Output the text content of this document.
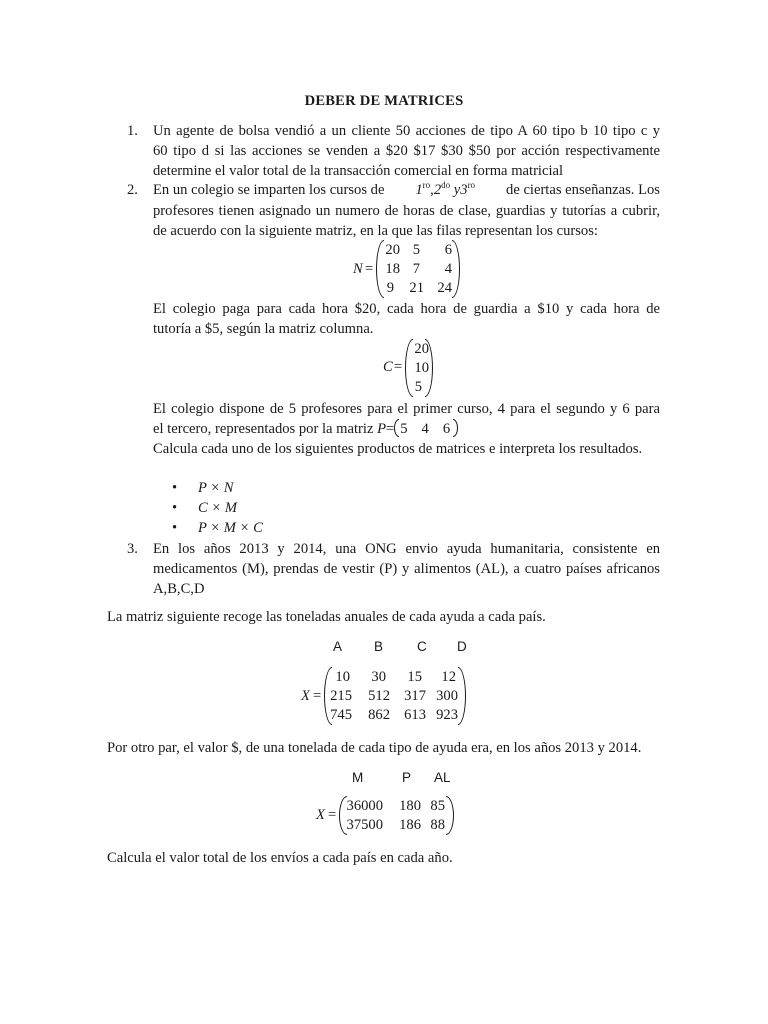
DEBER DE MATRICES
1. Un agente de bolsa vendió a un cliente 50 acciones de tipo A 60 tipo b 10 tipo c y
60 tipo d si las acciones se venden a $20 $17 $30 $50 por acción respectivamente
determine el valor total de la transacción comercial en forma matricial
2. En un colegio se imparten los cursos de $1^{ro},2^{do}$ $y3^{ro}$ de ciertas enseñanzas. Los
profesores tienen asignado un numero de horas de clase, guardias y tutorías a cubrir,
de acuerdo con la siguiente matriz, en la que las filas representan los cursos:
N =
20 5	6
18 7	4
9 21 24
El colegio paga para cada hora $20, cada hora de guardia a $10 y cada hora de
tutoría a $5, según la matriz columna.
C =
20
10
5
El colegio dispone de 5 profesores para el primer curso, 4 para el segundo y 6 para
el tercero, representados por la matriz P= 5 4 6
Calcula cada uno de los siguientes productos de matrices e interpreta los resultados.
• P × N
• C × M
• P × M × C
3. En los años 2013 y 2014, una ONG envio ayuda humanitaria, consistente en
medicamentos (M), prendas de vestir (P) y alimentos (AL), a cuatro países africanos
A,B,C,D
La matriz siguiente recoge las toneladas anuales de cada ayuda a cada país.
A B	C D
X =
10	30	15	12
215	512 317 300
745	862 613 923
Por otro par, el valor $, de una tonelada de cada tipo de ayuda era, en los años 2013 y 2014.
M	P AL
X =
36000 180 85
37500 186 88
Calcula el valor total de los envíos a cada país en cada año.
